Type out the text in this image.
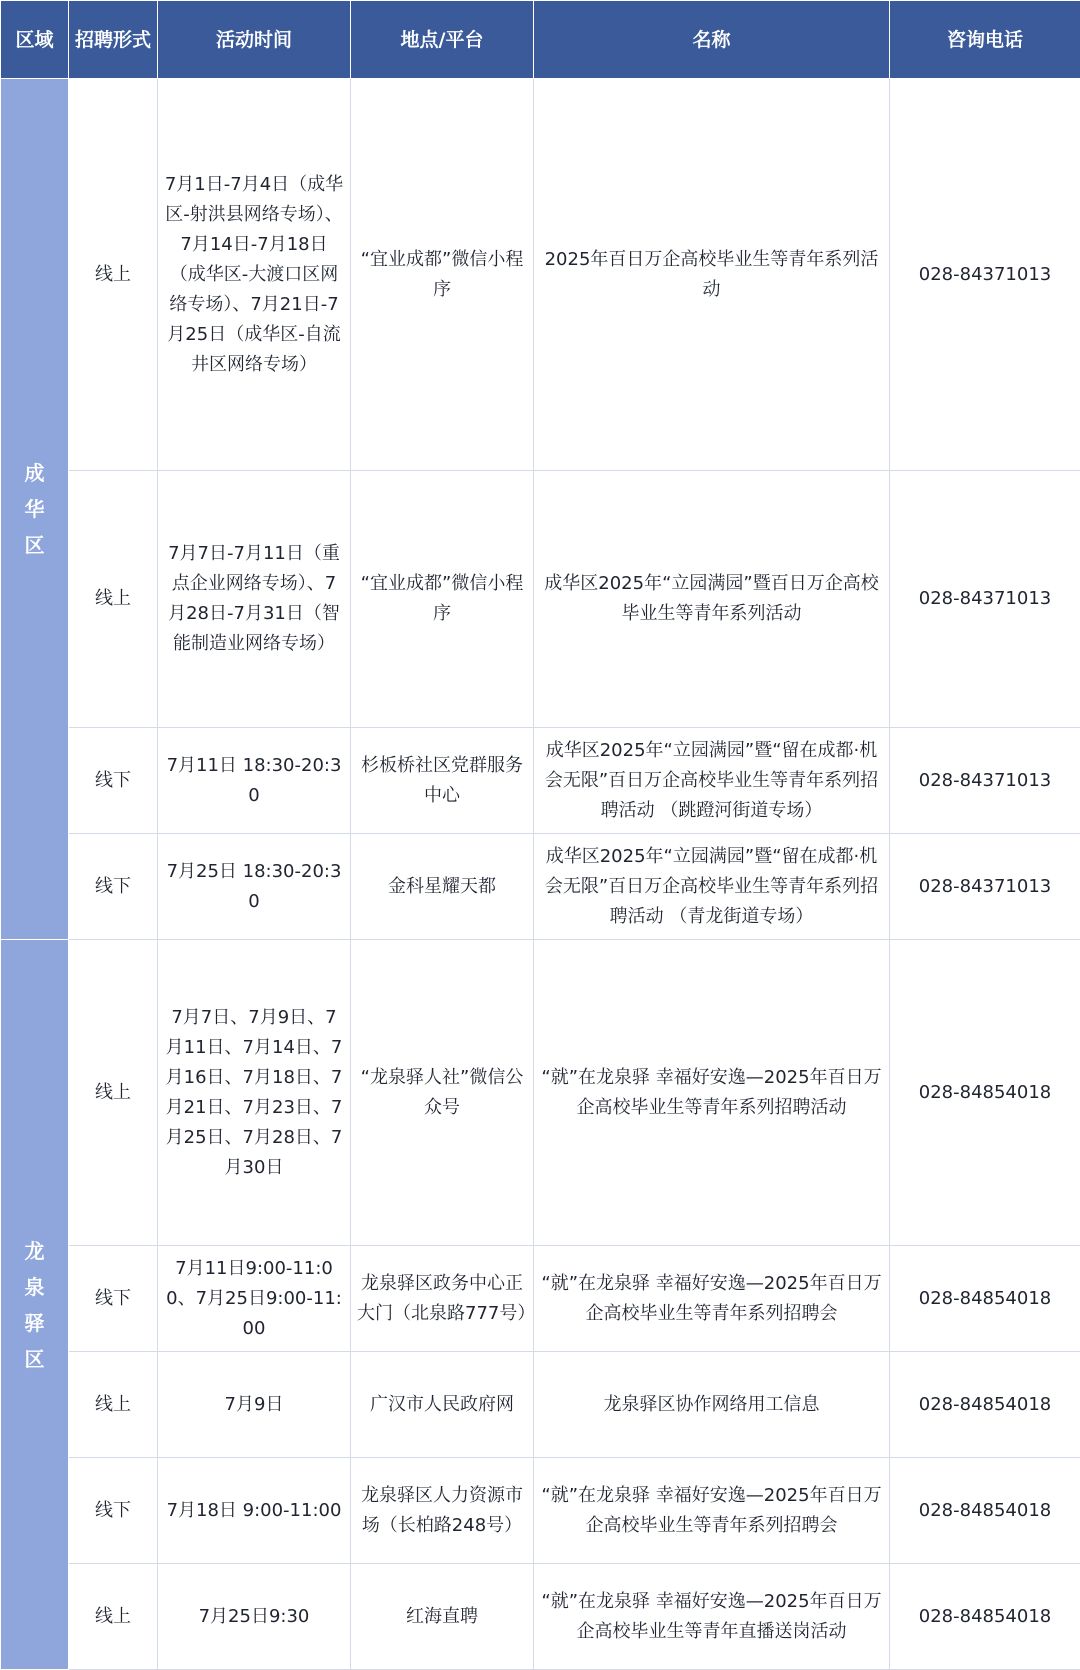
区域	招聘形式	活动时间	地点/平台	名称	咨询电话
成华区	线上	7月1日-7月4日（成华区-射洪县网络专场）、7月14日-7月18日（成华区-大渡口区网络专场）、7月21日-7月25日（成华区-自流井区网络专场）	“宜业成都”微信小程序	2025年百日万企高校毕业生等青年系列活动	028-84371013
	线上	7月7日-7月11日（重点企业网络专场）、7月28日-7月31日（智能制造业网络专场）	“宜业成都”微信小程序	成华区2025年“立园满园”暨百日万企高校毕业生等青年系列活动	028-84371013
	线下	7月11日 18:30-20:30	杉板桥社区党群服务中心	成华区2025年“立园满园”暨“留在成都·机会无限”百日万企高校毕业生等青年系列招聘活动 （跳蹬河街道专场）	028-84371013
	线下	7月25日 18:30-20:30	金科星耀天都	成华区2025年“立园满园”暨“留在成都·机会无限”百日万企高校毕业生等青年系列招聘活动 （青龙街道专场）	028-84371013
龙泉驿区	线上	7月7日、7月9日、7月11日、7月14日、7月16日、7月18日、7月21日、7月23日、7月25日、7月28日、7月30日	“龙泉驿人社”微信公众号	“就”在龙泉驿 幸福好安逸—2025年百日万企高校毕业生等青年系列招聘活动	028-84854018
	线下	7月11日9:00-11:00、7月25日9:00-11:00	龙泉驿区政务中心正大门（北泉路777号）	“就”在龙泉驿 幸福好安逸—2025年百日万企高校毕业生等青年系列招聘会	028-84854018
	线上	7月9日	广汉市人民政府网	龙泉驿区协作网络用工信息	028-84854018
	线下	7月18日 9:00-11:00	龙泉驿区人力资源市场（长柏路248号）	“就”在龙泉驿 幸福好安逸—2025年百日万企高校毕业生等青年系列招聘会	028-84854018
	线上	7月25日9:30	红海直聘	“就”在龙泉驿 幸福好安逸—2025年百日万企高校毕业生等青年直播送岗活动	028-84854018
